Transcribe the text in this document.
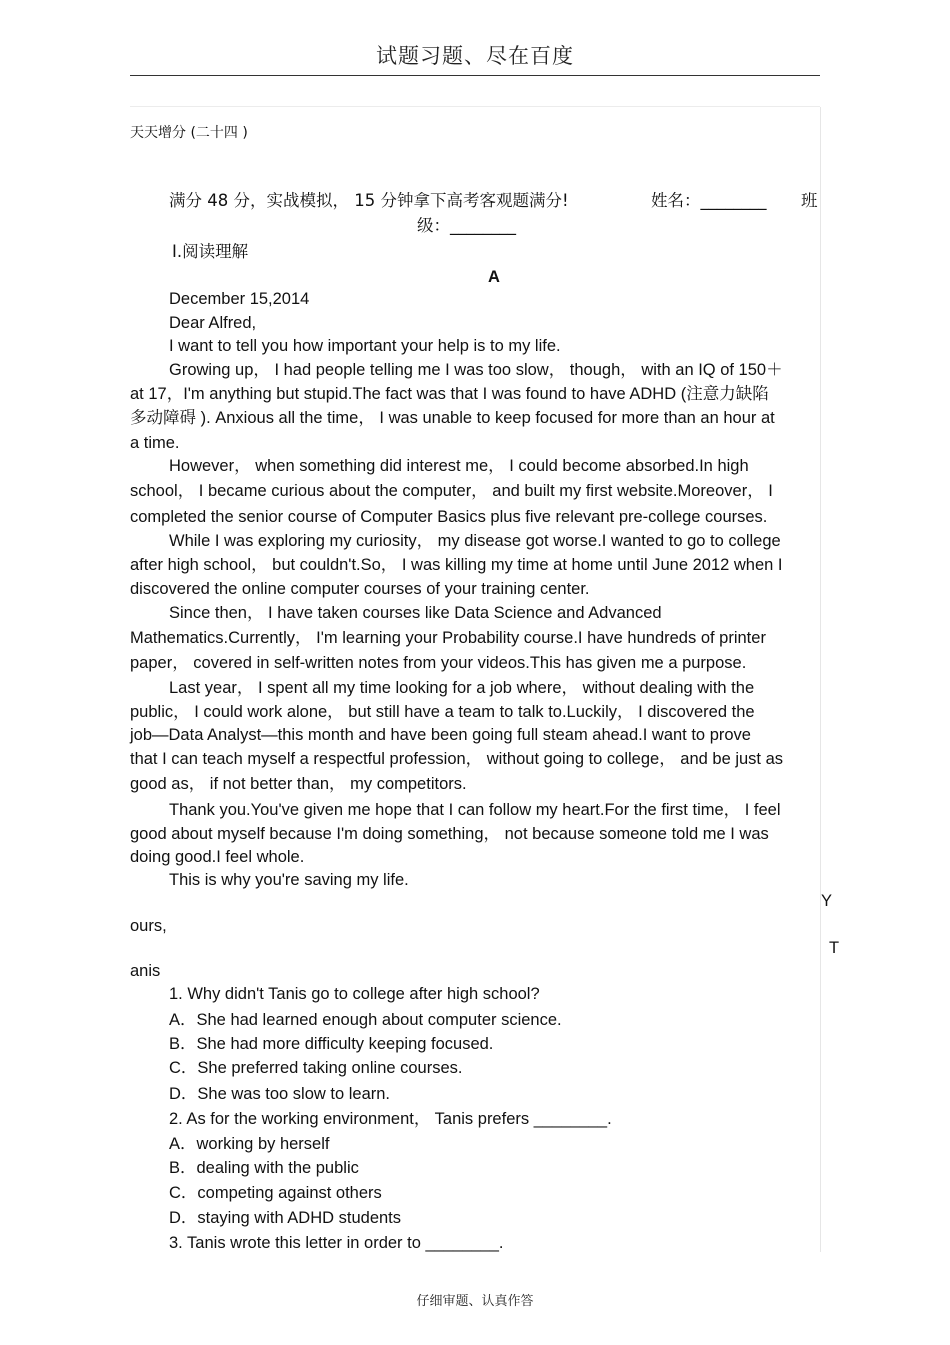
试题习题、尽在百度
天天增分 (二十四 )
满分 48 分，实战模拟， 15 分钟拿下高考客观题满分!	姓名：________ 班
级：________
Ⅰ.阅读理解
A
December 15,2014
Dear Alfred,
I want to tell you how important your help is to my life.
Growing up， I had people telling me I was too slow， though， with an IQ of 150＋
at 17，I'm anything but stupid.The fact was that I was found to have ADHD (注意力缺陷
多动障碍 ). Anxious all the time， I was unable to keep focused for more than an hour at
a time.
However， when something did interest me， I could become absorbed.In high
school， I became curious about the computer， and built my first website.Moreover， I
completed the senior course of Computer Basics plus five relevant pre-college courses.
While I was exploring my curiosity， my disease got worse.I wanted to go to college
after high school， but couldn't.So， I was killing my time at home until June 2012 when I
discovered the online computer courses of your training center.
Since then， I have taken courses like Data Science and Advanced
Mathematics.Currently， I'm learning your Probability course.I have hundreds of printer
paper， covered in self-written notes from your videos.This has given me a purpose.
Last year， I spent all my time looking for a job where， without dealing with the
public， I could work alone， but still have a team to talk to.Luckily， I discovered the
job—Data Analyst—this month and have been going full steam ahead.I want to prove
that I can teach myself a respectful profession， without going to college， and be just as
good as， if not better than， my competitors.
Thank you.You've given me hope that I can follow my heart.For the first time， I feel
good about myself because I'm doing something， not because someone told me I was
doing good.I feel whole.
This is why you're saving my life.
Y
ours,
T
anis
1. Why didn't Tanis go to college after high school?
A．She had learned enough about computer science.
B．She had more difficulty keeping focused.
C．She preferred taking online courses.
D．She was too slow to learn.
2. As for the working environment， Tanis prefers ________.
A．working by herself
B．dealing with the public
C．competing against others
D．staying with ADHD students
3. Tanis wrote this letter in order to ________.
仔细审题、认真作答
